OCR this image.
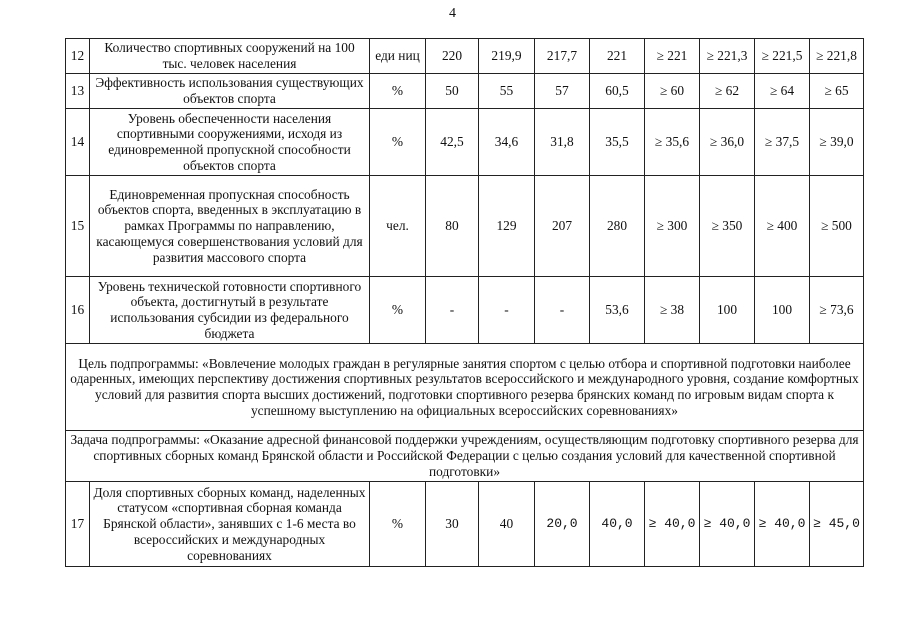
4
12	Количество спортивных сооружений на 100 тыс. человек населения	еди ниц	220	219,9	217,7	221	≥ 221	≥ 221,3	≥ 221,5	≥ 221,8
13	Эффективность использования существующих объектов спорта	%	50	55	57	60,5	≥ 60	≥ 62	≥ 64	≥ 65
14	Уровень обеспеченности населения спортивными сооружениями, исходя из единовременной пропускной способности объектов спорта	%	42,5	34,6	31,8	35,5	≥ 35,6	≥ 36,0	≥ 37,5	≥ 39,0
15	Единовременная пропускная способность объектов спорта, введенных в эксплуатацию в рамках Программы по направлению, касающемуся совершенствования условий для развития массового спорта	чел.	80	129	207	280	≥ 300	≥ 350	≥ 400	≥ 500
16	Уровень технической готовности спортивного объекта, достигнутый в результате использования субсидии из федерального бюджета	%	-	-	-	53,6	≥ 38	100	100	≥ 73,6
Цель подпрограммы: «Вовлечение молодых граждан в регулярные занятия спортом с целью отбора и спортивной подготовки наиболее одаренных, имеющих перспективу достижения спортивных результатов всероссийского и международного уровня, создание комфортных условий для развития спорта высших достижений, подготовки спортивного резерва брянских команд по игровым видам спорта к успешному выступлению на официальных всероссийских соревнованиях»										
Задача подпрограммы: «Оказание адресной финансовой поддержки учреждениям, осуществляющим подготовку спортивного резерва для спортивных сборных команд Брянской области и Российской Федерации с целью создания условий для качественной спортивной подготовки»										
17	Доля спортивных сборных команд, наделенных статусом «спортивная сборная команда Брянской области», занявших с 1-6 места во всероссийских и международных соревнованиях	%	30	40	20,0	40,0	≥ 40,0	≥ 40,0	≥ 40,0	≥ 45,0
